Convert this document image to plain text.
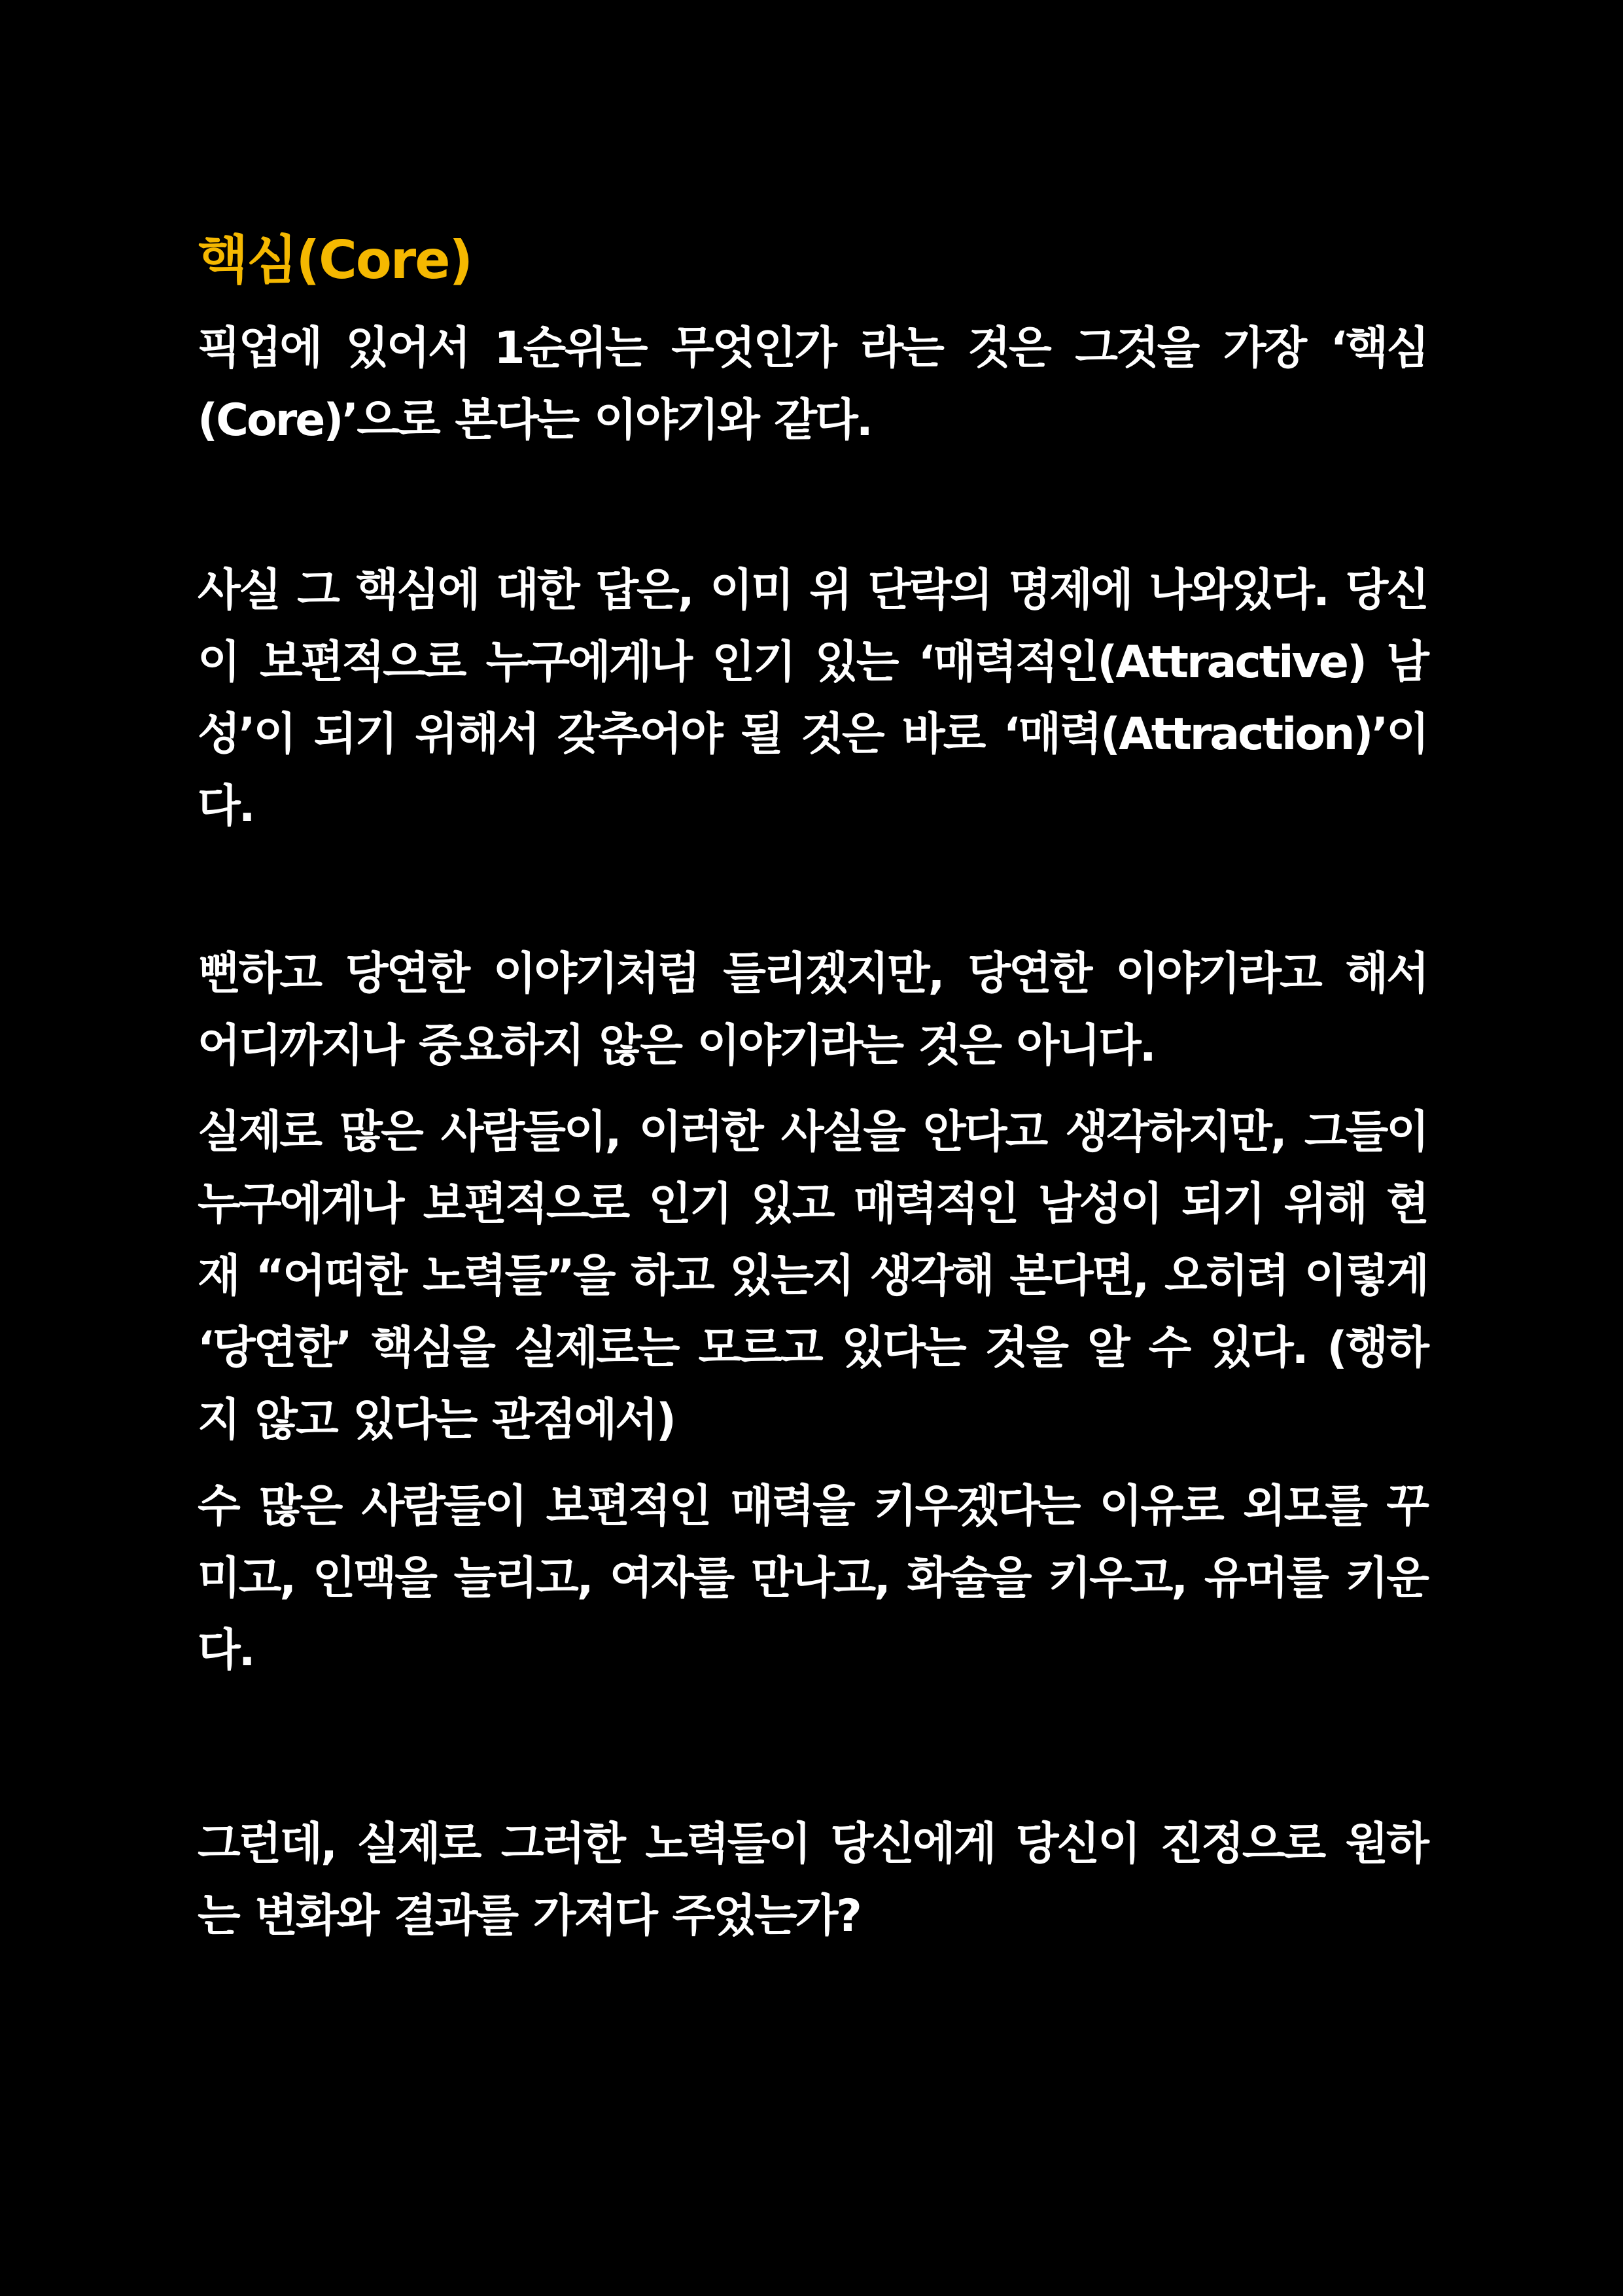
핵심(Core)

픽업에 있어서 1순위는 무엇인가 라는 것은 그것을 가장 ‘핵심(Core)’으로 본다는 이야기와 같다.

사실 그 핵심에 대한 답은, 이미 위 단락의 명제에 나와있다. 당신이 보편적으로 누구에게나 인기 있는 ‘매력적인(Attractive) 남성’이 되기 위해서 갖추어야 될 것은 바로 ‘매력(Attraction)’이다.

뻔하고 당연한 이야기처럼 들리겠지만, 당연한 이야기라고 해서 어디까지나 중요하지 않은 이야기라는 것은 아니다.

실제로 많은 사람들이, 이러한 사실을 안다고 생각하지만, 그들이 누구에게나 보편적으로 인기 있고 매력적인 남성이 되기 위해 현재 “어떠한 노력들”을 하고 있는지 생각해 본다면, 오히려 이렇게 ‘당연한’ 핵심을 실제로는 모르고 있다는 것을 알 수 있다. (행하지 않고 있다는 관점에서)

수 많은 사람들이 보편적인 매력을 키우겠다는 이유로 외모를 꾸미고, 인맥을 늘리고, 여자를 만나고, 화술을 키우고, 유머를 키운다.

그런데, 실제로 그러한 노력들이 당신에게 당신이 진정으로 원하는 변화와 결과를 가져다 주었는가?
